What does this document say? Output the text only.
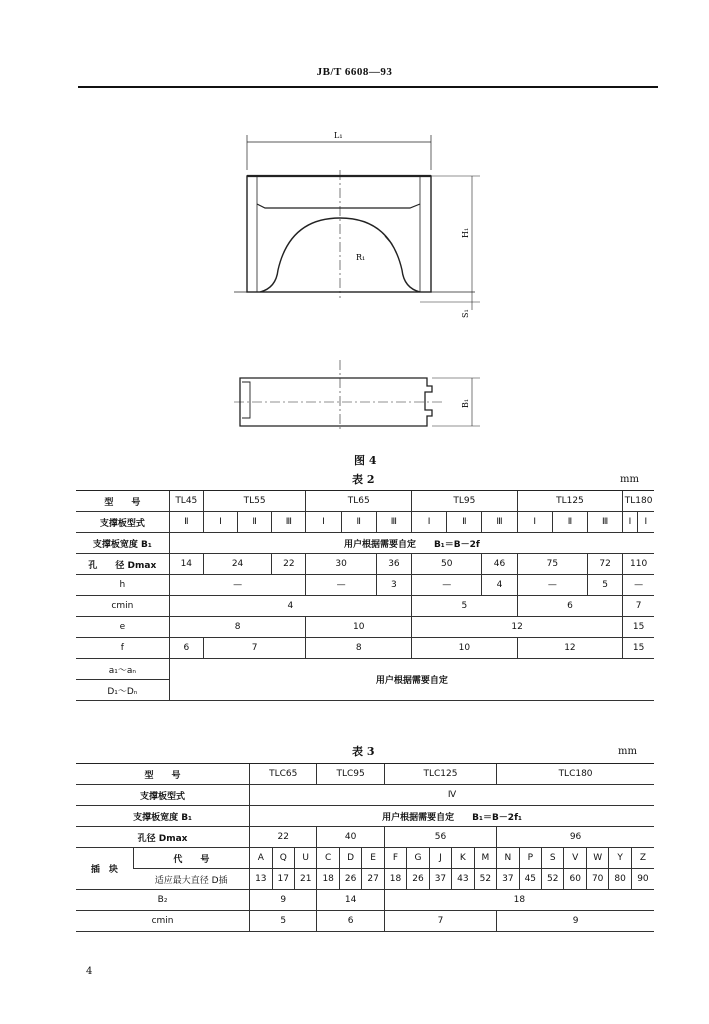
JB/T 6608—93
L₁
H₁
R₁
S₁
B₁
图 4
表 2	mm
型　　号	TL45	TL55			TL65			TL95			TL125			TL180	
支撑板型式	Ⅱ	Ⅰ	Ⅱ	Ⅲ	Ⅰ	Ⅱ	Ⅲ	Ⅰ	Ⅱ	Ⅲ	Ⅰ	Ⅱ	Ⅲ	Ⅰ	Ⅰ
支撑板宽度 B₁	用户根据需要自定　　B₁＝B－2f														
孔　　径 Dmax	14	24		22	30		36	50		46	75		72	110	
h	—				—		3	—		4	—		5	—	
cmin	4							5			6			7	
e	8				10			12						15	
f	6	7			8			10			12			15	
a₁～aₙ	用户根据需要自定														
D₁～Dₙ															
表 3	mm
型　　号		TLC65			TLC95			TLC125					TLC180						
支撑板型式		Ⅳ																	
支撑板宽度 B₁		用户根据需要自定　　B₁＝B－2f₁																	
孔径 Dmax		22			40			56					96						
插　块	代　　号	A	Q	U	C	D	E	F	G	J	K	M	N	P	S	V	W	Y	Z
	适应最大直径 D插	13	17	21	18	26	27	18	26	37	43	52	37	45	52	60	70	80	90
B₂		9			14			18											
cmin		5			6			7					9						
4
